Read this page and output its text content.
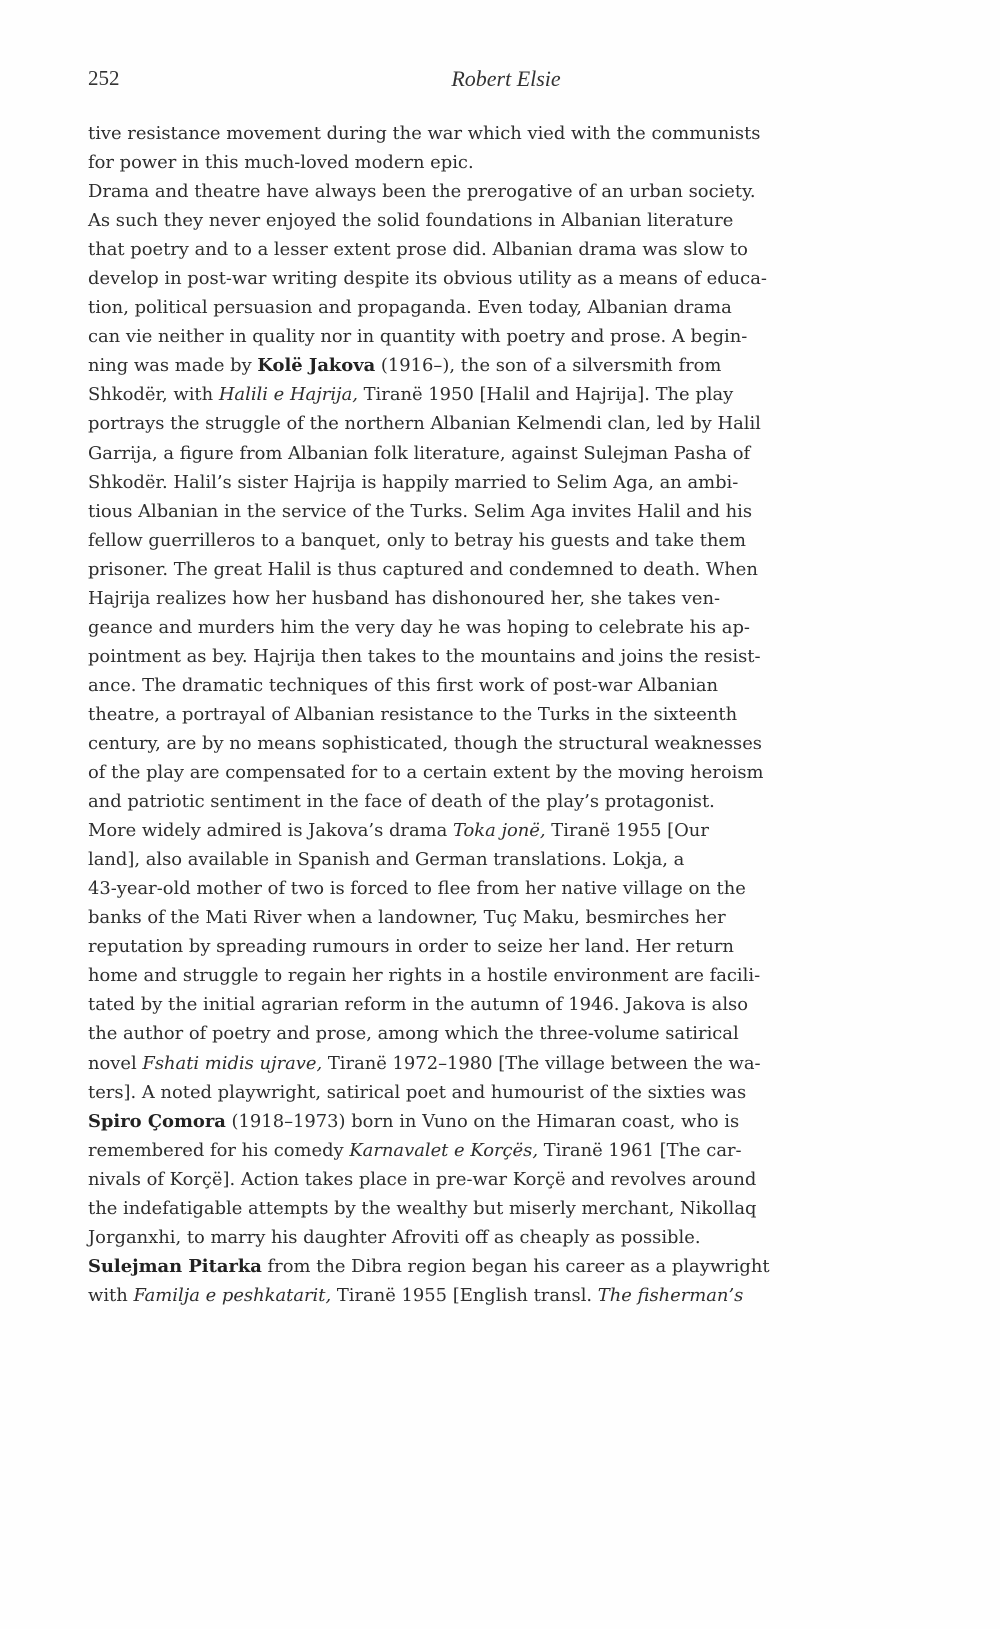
252	Robert Elsie
tive resistance movement during the war which vied with the communists
for power in this much-loved modern epic.
Drama and theatre have always been the prerogative of an urban society.
As such they never enjoyed the solid foundations in Albanian literature
that poetry and to a lesser extent prose did. Albanian drama was slow to
develop in post-war writing despite its obvious utility as a means of educa-
tion, political persuasion and propaganda. Even today, Albanian drama
can vie neither in quality nor in quantity with poetry and prose. A begin-
ning was made by Kolë Jakova (1916–), the son of a silversmith from
Shkodër, with Halili e Hajrija, Tiranë 1950 [Halil and Hajrija]. The play
portrays the struggle of the northern Albanian Kelmendi clan, led by Halil
Garrija, a figure from Albanian folk literature, against Sulejman Pasha of
Shkodër. Halil’s sister Hajrija is happily married to Selim Aga, an ambi-
tious Albanian in the service of the Turks. Selim Aga invites Halil and his
fellow guerrilleros to a banquet, only to betray his guests and take them
prisoner. The great Halil is thus captured and condemned to death. When
Hajrija realizes how her husband has dishonoured her, she takes ven-
geance and murders him the very day he was hoping to celebrate his ap-
pointment as bey. Hajrija then takes to the mountains and joins the resist-
ance. The dramatic techniques of this first work of post-war Albanian
theatre, a portrayal of Albanian resistance to the Turks in the sixteenth
century, are by no means sophisticated, though the structural weaknesses
of the play are compensated for to a certain extent by the moving heroism
and patriotic sentiment in the face of death of the play’s protagonist.
More widely admired is Jakova’s drama Toka jonë, Tiranë 1955 [Our
land], also available in Spanish and German translations. Lokja, a
43-year-old mother of two is forced to flee from her native village on the
banks of the Mati River when a landowner, Tuç Maku, besmirches her
reputation by spreading rumours in order to seize her land. Her return
home and struggle to regain her rights in a hostile environment are facili-
tated by the initial agrarian reform in the autumn of 1946. Jakova is also
the author of poetry and prose, among which the three-volume satirical
novel Fshati midis ujrave, Tiranë 1972–1980 [The village between the wa-
ters]. A noted playwright, satirical poet and humourist of the sixties was
Spiro Çomora (1918–1973) born in Vuno on the Himaran coast, who is
remembered for his comedy Karnavalet e Korçës, Tiranë 1961 [The car-
nivals of Korçë]. Action takes place in pre-war Korçë and revolves around
the indefatigable attempts by the wealthy but miserly merchant, Nikollaq
Jorganxhi, to marry his daughter Afroviti off as cheaply as possible.
Sulejman Pitarka from the Dibra region began his career as a playwright
with Familja e peshkatarit, Tiranë 1955 [English transl. The fisherman’s
